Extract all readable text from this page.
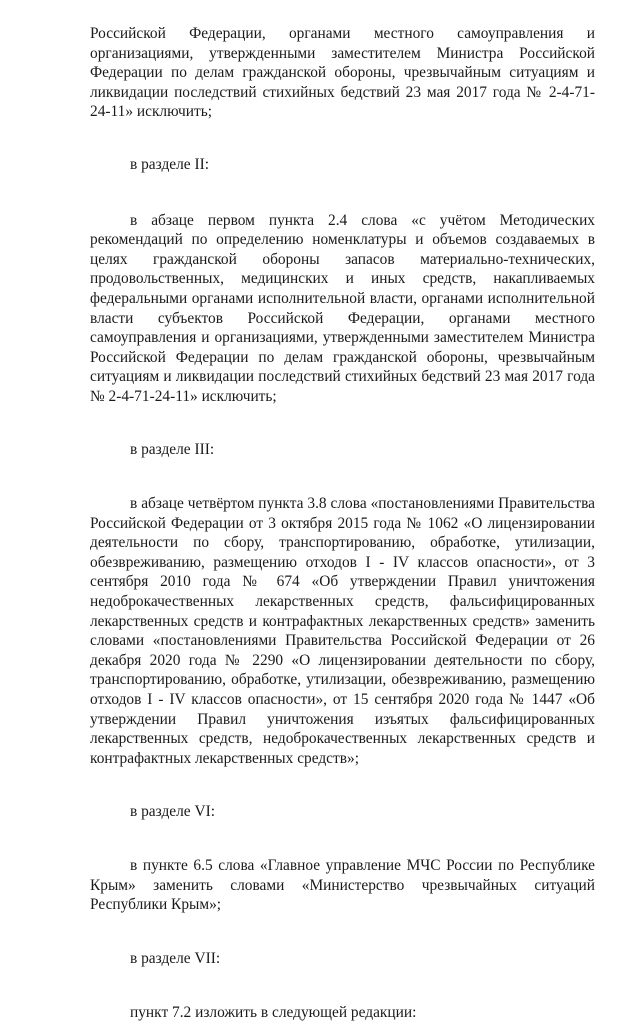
Российской Федерации, органами местного самоуправления и организациями, утвержденными заместителем Министра Российской Федерации по делам гражданской обороны, чрезвычайным ситуациям и ликвидации последствий стихийных бедствий 23 мая 2017 года № 2-4-71-24-11» исключить;

в разделе II:

в абзаце первом пункта 2.4 слова «с учётом Методических рекомендаций по определению номенклатуры и объемов создаваемых в целях гражданской обороны запасов материально-технических, продовольственных, медицинских и иных средств, накапливаемых федеральными органами исполнительной власти, органами исполнительной власти субъектов Российской Федерации, органами местного самоуправления и организациями, утвержденными заместителем Министра Российской Федерации по делам гражданской обороны, чрезвычайным ситуациям и ликвидации последствий стихийных бедствий 23 мая 2017 года № 2-4-71-24-11» исключить;

в разделе III:

в абзаце четвёртом пункта 3.8 слова «постановлениями Правительства Российской Федерации от 3 октября 2015 года № 1062 «О лицензировании деятельности по сбору, транспортированию, обработке, утилизации, обезвреживанию, размещению отходов I - IV классов опасности», от 3 сентября 2010 года № 674 «Об утверждении Правил уничтожения недоброкачественных лекарственных средств, фальсифицированных лекарственных средств и контрафактных лекарственных средств» заменить словами «постановлениями Правительства Российской Федерации от 26 декабря 2020 года № 2290 «О лицензировании деятельности по сбору, транспортированию, обработке, утилизации, обезвреживанию, размещению отходов I - IV классов опасности», от 15 сентября 2020 года № 1447 «Об утверждении Правил уничтожения изъятых фальсифицированных лекарственных средств, недоброкачественных лекарственных средств и контрафактных лекарственных средств»;

в разделе VI:

в пункте 6.5 слова «Главное управление МЧС России по Республике Крым» заменить словами «Министерство чрезвычайных ситуаций Республики Крым»;

в разделе VII:

пункт 7.2 изложить в следующей редакции:
